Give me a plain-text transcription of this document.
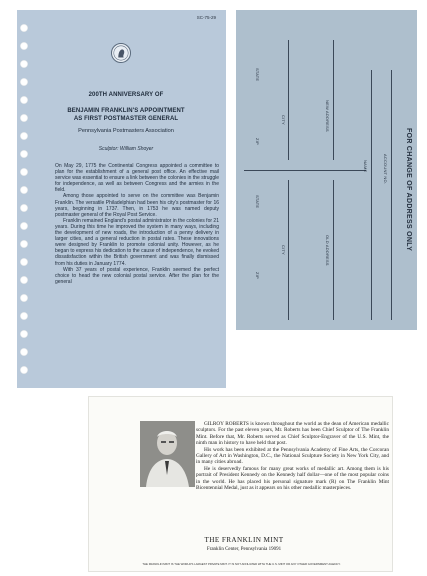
SC-75-29
200TH ANNIVERSARY OF
BENJAMIN FRANKLIN'S APPOINTMENT
AS FIRST POSTMASTER GENERAL
Pennsylvania Postmasters Association
Sculptor: William Shoyer

On May 29, 1775 the Continental Congress appointed a committee to plan for the establishment of a general post office. An effective mail service was essential to ensure a link between the colonies in the struggle for independence, as well as between Congress and the armies in the field.

Among those appointed to serve on the committee was Benjamin Franklin. The versatile Philadelphian had been his city's postmaster for 16 years, beginning in 1737. Then, in 1753 he was named deputy postmaster general of the Royal Post Service.

Franklin remained England's postal administrator in the colonies for 21 years. During this time he improved the system in many ways, including the development of new roads, the introduction of a penny delivery in larger cities, and a general reduction in postal rates. These innovations were designed by Franklin to promote colonial unity. However, as he began to express his dedication to the cause of independence, he evoked dissatisfaction within the British government and was finally dismissed from his duties in January 1774.

With 37 years of postal experience, Franklin seemed the perfect choice to head the new colonial postal service. After the plan for the general

FOR CHANGE OF ADDRESS ONLY
ACCOUNT NO.
NAME
NEW ADDRESS
CITY
STATE
ZIP
OLD ADDRESS
CITY
STATE
ZIP

GILROY ROBERTS is known throughout the world as the dean of American medallic sculptors. For the past eleven years, Mr. Roberts has been Chief Sculptor of The Franklin Mint. Before that, Mr. Roberts served as Chief Sculptor-Engraver of the U.S. Mint, the ninth man in history to have held that post.

His work has been exhibited at the Pennsylvania Academy of Fine Arts, the Corcoran Gallery of Art in Washington, D.C., the National Sculpture Society in New York City, and in many cities abroad.

He is deservedly famous for many great works of medallic art. Among them is his portrait of President Kennedy on the Kennedy half dollar—one of the most popular coins in the world. He has placed his personal signature mark (R) on The Franklin Mint Bicentennial Medal, just as it appears on his other medallic masterpieces.

THE FRANKLIN MINT
Franklin Center, Pennsylvania 19091
THE FRANKLIN MINT IS THE WORLD'S LARGEST PRIVATE MINT. IT IS NOT AFFILIATED WITH THE U.S. MINT OR ANY OTHER GOVERNMENT AGENCY.
